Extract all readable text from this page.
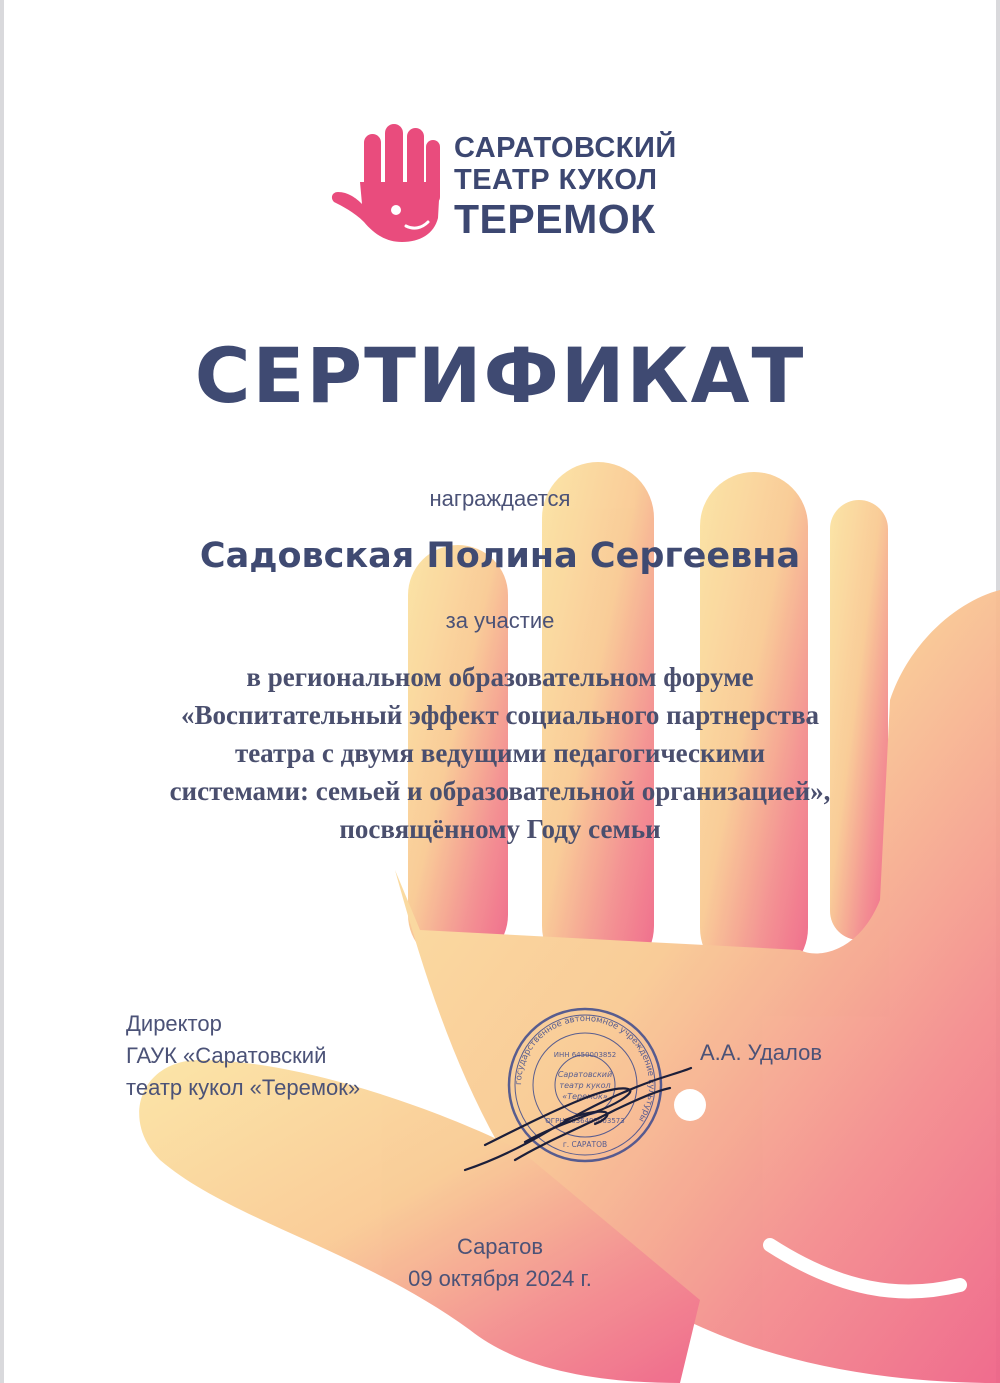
САРАТОВСКИЙ
ТЕАТР КУКОЛ
ТЕРЕМОК
СЕРТИФИКАТ
награждается
Садовская Полина Сергеевна
за участие
в региональном образовательном форуме
«Воспитательный эффект социального партнерства
театра с двумя ведущими педагогическими
системами: семьей и образовательной организацией»,
посвящённому Году семьи
Директор
ГАУК «Саратовский
театр кукол «Теремок»
А.А. Удалов
государственное автономное учреждение культуры
ИНН 6450003852
ОГРН 1036405003573
Саратовский
театр кукол
«Теремок»
г. САРАТОВ
Саратов
09 октября 2024 г.
